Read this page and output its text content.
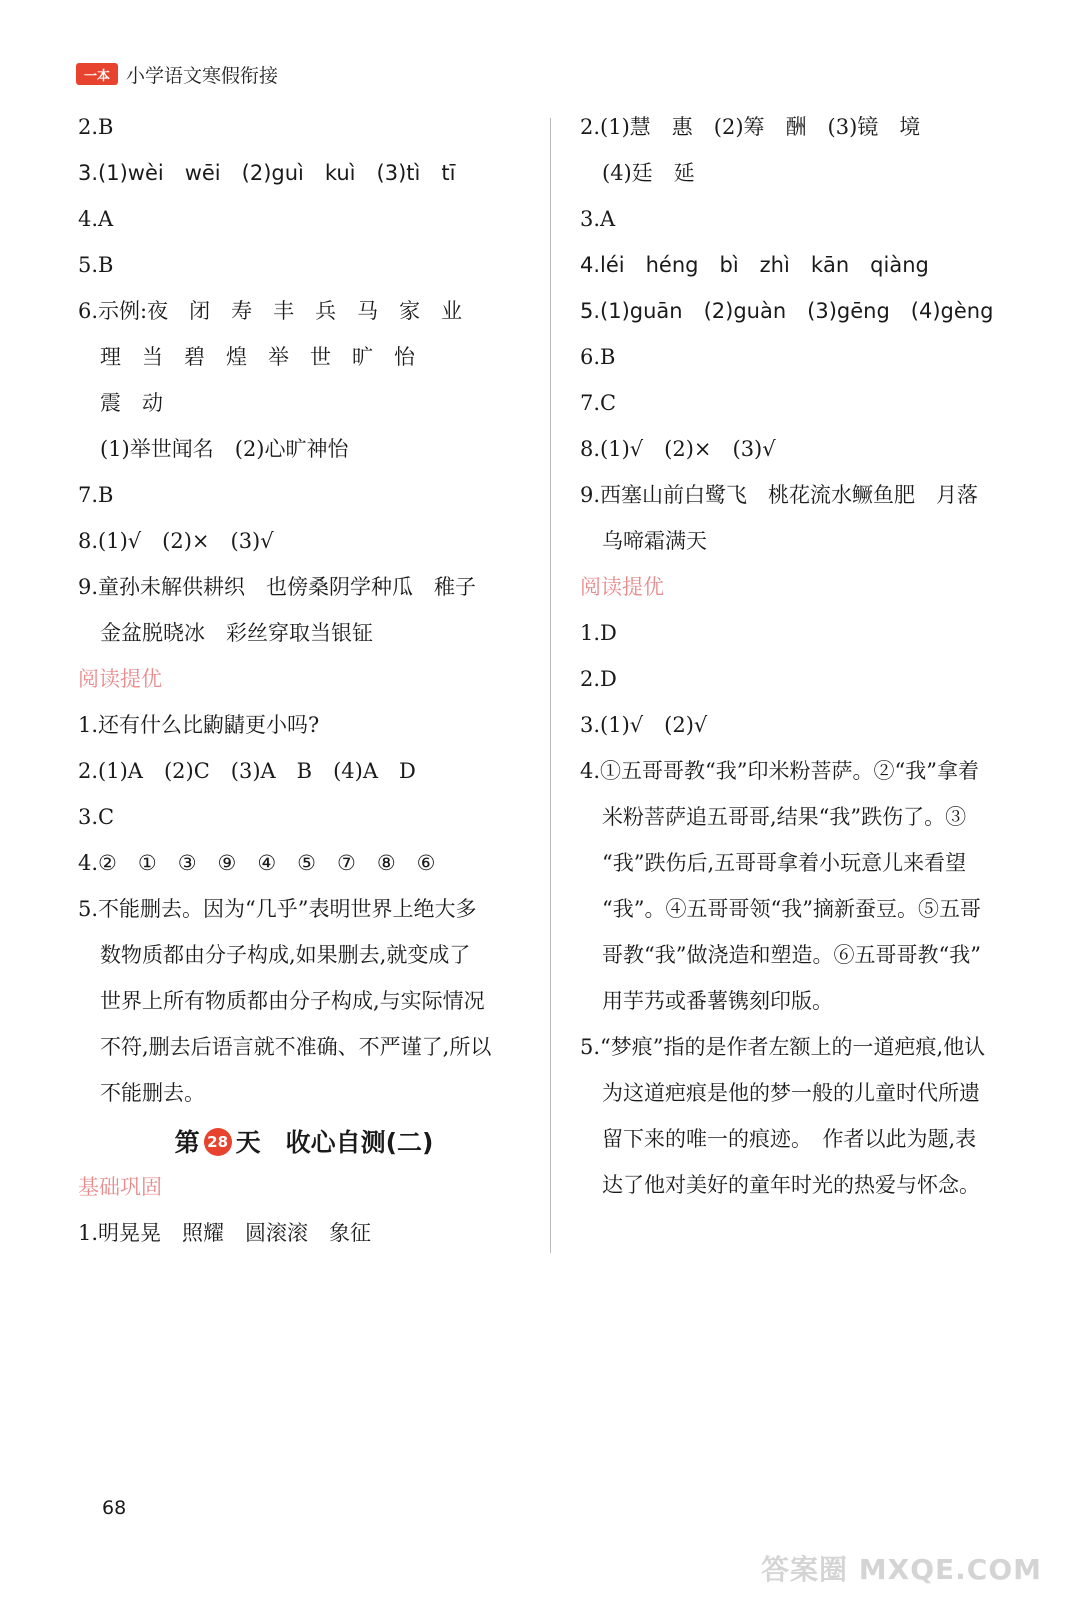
一本 小学语文寒假衔接
2.B
3.(1)wèi　wēi　(2)guì　kuì　(3)tì　tī
4.A
5.B
6.示例:夜　闭　寿　丰　兵　马　家　业
理　当　碧　煌　举　世　旷　怡
震　动
(1)举世闻名　(2)心旷神怡
7.B
8.(1)√　(2)×　(3)√
9.童孙未解供耕织　也傍桑阴学种瓜　稚子
金盆脱晓冰　彩丝穿取当银钲
阅读提优
1.还有什么比鼩鼱更小吗?
2.(1)A　(2)C　(3)A　B　(4)A　D
3.C
4.②　①　③　⑨　④　⑤　⑦　⑧　⑥
5.不能删去。因为“几乎”表明世界上绝大多
数物质都由分子构成,如果删去,就变成了
世界上所有物质都由分子构成,与实际情况
不符,删去后语言就不准确、不严谨了,所以
不能删去。
第 28 天　收心自测(二)
基础巩固
1.明晃晃　照耀　圆滚滚　象征
2.(1)慧　惠　(2)筹　酬　(3)镜　境
(4)廷　延
3.A
4.léi　héng　bì　zhì　kān　qiàng
5.(1)guān　(2)guàn　(3)gēng　(4)gèng
6.B
7.C
8.(1)√　(2)×　(3)√
9.西塞山前白鹭飞　桃花流水鳜鱼肥　月落
乌啼霜满天
阅读提优
1.D
2.D
3.(1)√　(2)√
4.①五哥哥教“我”印米粉菩萨。②“我”拿着
米粉菩萨追五哥哥,结果“我”跌伤了。③
“我”跌伤后,五哥哥拿着小玩意儿来看望
“我”。④五哥哥领“我”摘新蚕豆。⑤五哥
哥教“我”做浇造和塑造。⑥五哥哥教“我”
用芋艿或番薯镌刻印版。
5.“梦痕”指的是作者左额上的一道疤痕,他认
为这道疤痕是他的梦一般的儿童时代所遗
留下来的唯一的痕迹。　作者以此为题,表
达了他对美好的童年时光的热爱与怀念。
68
答案圈 MXQE.COM
